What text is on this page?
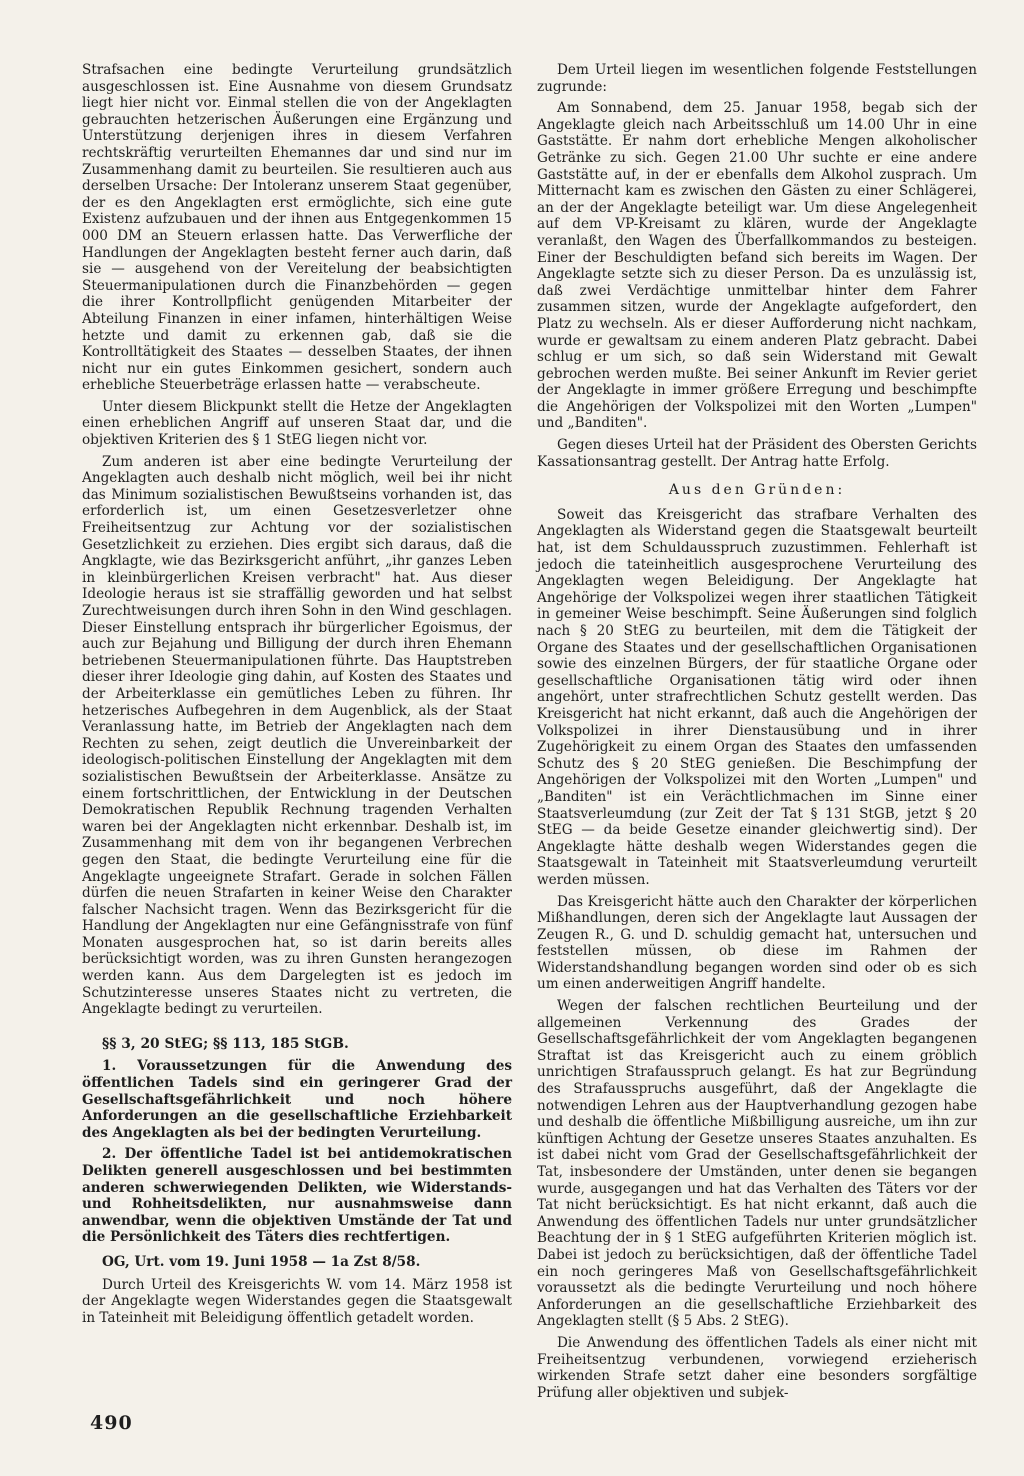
Strafsachen eine bedingte Verurteilung grundsätzlich ausgeschlossen ist. Eine Ausnahme von diesem Grundsatz liegt hier nicht vor. Einmal stellen die von der Angeklagten gebrauchten hetzerischen Äußerungen eine Ergänzung und Unterstützung derjenigen ihres in diesem Verfahren rechtskräftig verurteilten Ehemannes dar und sind nur im Zusammenhang damit zu beurteilen. Sie resultieren auch aus derselben Ursache: Der Intoleranz unserem Staat gegenüber, der es den Angeklagten erst ermöglichte, sich eine gute Existenz aufzubauen und der ihnen aus Entgegenkommen 15 000 DM an Steuern erlassen hatte. Das Verwerfliche der Handlungen der Angeklagten besteht ferner auch darin, daß sie — ausgehend von der Vereitelung der beabsichtigten Steuermanipulationen durch die Finanzbehörden — gegen die ihrer Kontrollpflicht genügenden Mitarbeiter der Abteilung Finanzen in einer infamen, hinterhältigen Weise hetzte und damit zu erkennen gab, daß sie die Kontrolltätigkeit des Staates — desselben Staates, der ihnen nicht nur ein gutes Einkommen gesichert, sondern auch erhebliche Steuerbeträge erlassen hatte — verabscheute.

Unter diesem Blickpunkt stellt die Hetze der Angeklagten einen erheblichen Angriff auf unseren Staat dar, und die objektiven Kriterien des § 1 StEG liegen nicht vor.

Zum anderen ist aber eine bedingte Verurteilung der Angeklagten auch deshalb nicht möglich, weil bei ihr nicht das Minimum sozialistischen Bewußtseins vorhanden ist, das erforderlich ist, um einen Gesetzesverletzer ohne Freiheitsentzug zur Achtung vor der sozialistischen Gesetzlichkeit zu erziehen. Dies ergibt sich daraus, daß die Angklagte, wie das Bezirksgericht anführt, „ihr ganzes Leben in kleinbürgerlichen Kreisen verbracht" hat. Aus dieser Ideologie heraus ist sie straffällig geworden und hat selbst Zurechtweisungen durch ihren Sohn in den Wind geschlagen. Dieser Einstellung entsprach ihr bürgerlicher Egoismus, der auch zur Bejahung und Billigung der durch ihren Ehemann betriebenen Steuermanipulationen führte. Das Hauptstreben dieser ihrer Ideologie ging dahin, auf Kosten des Staates und der Arbeiterklasse ein gemütliches Leben zu führen. Ihr hetzerisches Aufbegehren in dem Augenblick, als der Staat Veranlassung hatte, im Betrieb der Angeklagten nach dem Rechten zu sehen, zeigt deutlich die Unvereinbarkeit der ideologisch-politischen Einstellung der Angeklagten mit dem sozialistischen Bewußtsein der Arbeiterklasse. Ansätze zu einem fortschrittlichen, der Entwicklung in der Deutschen Demokratischen Republik Rechnung tragenden Verhalten waren bei der Angeklagten nicht erkennbar. Deshalb ist, im Zusammenhang mit dem von ihr begangenen Verbrechen gegen den Staat, die bedingte Verurteilung eine für die Angeklagte ungeeignete Strafart. Gerade in solchen Fällen dürfen die neuen Strafarten in keiner Weise den Charakter falscher Nachsicht tragen. Wenn das Bezirksgericht für die Handlung der Angeklagten nur eine Gefängnisstrafe von fünf Monaten ausgesprochen hat, so ist darin bereits alles berücksichtigt worden, was zu ihren Gunsten herangezogen werden kann. Aus dem Dargelegten ist es jedoch im Schutzinteresse unseres Staates nicht zu vertreten, die Angeklagte bedingt zu verurteilen.

§§ 3, 20 StEG; §§ 113, 185 StGB.
1. Voraussetzungen für die Anwendung des öffentlichen Tadels sind ein geringerer Grad der Gesellschaftsgefährlichkeit und noch höhere Anforderungen an die gesellschaftliche Erziehbarkeit des Angeklagten als bei der bedingten Verurteilung.
2. Der öffentliche Tadel ist bei antidemokratischen Delikten generell ausgeschlossen und bei bestimmten anderen schwerwiegenden Delikten, wie Widerstands- und Rohheitsdelikten, nur ausnahmsweise dann anwendbar, wenn die objektiven Umstände der Tat und die Persönlichkeit des Täters dies rechtfertigen.
OG, Urt. vom 19. Juni 1958 — 1a Zst 8/58.

Durch Urteil des Kreisgerichts W. vom 14. März 1958 ist der Angeklagte wegen Widerstandes gegen die Staatsgewalt in Tateinheit mit Beleidigung öffentlich getadelt worden.

Dem Urteil liegen im wesentlichen folgende Feststellungen zugrunde:

Am Sonnabend, dem 25. Januar 1958, begab sich der Angeklagte gleich nach Arbeitsschluß um 14.00 Uhr in eine Gaststätte. Er nahm dort erhebliche Mengen alkoholischer Getränke zu sich. Gegen 21.00 Uhr suchte er eine andere Gaststätte auf, in der er ebenfalls dem Alkohol zusprach. Um Mitternacht kam es zwischen den Gästen zu einer Schlägerei, an der der Angeklagte beteiligt war. Um diese Angelegenheit auf dem VP-Kreisamt zu klären, wurde der Angeklagte veranlaßt, den Wagen des Überfallkommandos zu besteigen. Einer der Beschuldigten befand sich bereits im Wagen. Der Angeklagte setzte sich zu dieser Person. Da es unzulässig ist, daß zwei Verdächtige unmittelbar hinter dem Fahrer zusammen sitzen, wurde der Angeklagte aufgefordert, den Platz zu wechseln. Als er dieser Aufforderung nicht nachkam, wurde er gewaltsam zu einem anderen Platz gebracht. Dabei schlug er um sich, so daß sein Widerstand mit Gewalt gebrochen werden mußte. Bei seiner Ankunft im Revier geriet der Angeklagte in immer größere Erregung und beschimpfte die Angehörigen der Volkspolizei mit den Worten „Lumpen" und „Banditen".

Gegen dieses Urteil hat der Präsident des Obersten Gerichts Kassationsantrag gestellt. Der Antrag hatte Erfolg.

Aus den Gründen:

Soweit das Kreisgericht das strafbare Verhalten des Angeklagten als Widerstand gegen die Staatsgewalt beurteilt hat, ist dem Schuldausspruch zuzustimmen. Fehlerhaft ist jedoch die tateinheitlich ausgesprochene Verurteilung des Angeklagten wegen Beleidigung. Der Angeklagte hat Angehörige der Volkspolizei wegen ihrer staatlichen Tätigkeit in gemeiner Weise beschimpft. Seine Äußerungen sind folglich nach § 20 StEG zu beurteilen, mit dem die Tätigkeit der Organe des Staates und der gesellschaftlichen Organisationen sowie des einzelnen Bürgers, der für staatliche Organe oder gesellschaftliche Organisationen tätig wird oder ihnen angehört, unter strafrechtlichen Schutz gestellt werden. Das Kreisgericht hat nicht erkannt, daß auch die Angehörigen der Volkspolizei in ihrer Dienstausübung und in ihrer Zugehörigkeit zu einem Organ des Staates den umfassenden Schutz des § 20 StEG genießen. Die Beschimpfung der Angehörigen der Volkspolizei mit den Worten „Lumpen" und „Banditen" ist ein Verächtlichmachen im Sinne einer Staatsverleumdung (zur Zeit der Tat § 131 StGB, jetzt § 20 StEG — da beide Gesetze einander gleichwertig sind). Der Angeklagte hätte deshalb wegen Widerstandes gegen die Staatsgewalt in Tateinheit mit Staatsverleumdung verurteilt werden müssen.

Das Kreisgericht hätte auch den Charakter der körperlichen Mißhandlungen, deren sich der Angeklagte laut Aussagen der Zeugen R., G. und D. schuldig gemacht hat, untersuchen und feststellen müssen, ob diese im Rahmen der Widerstandshandlung begangen worden sind oder ob es sich um einen anderweitigen Angriff handelte.

Wegen der falschen rechtlichen Beurteilung und der allgemeinen Verkennung des Grades der Gesellschaftsgefährlichkeit der vom Angeklagten begangenen Straftat ist das Kreisgericht auch zu einem gröblich unrichtigen Strafausspruch gelangt. Es hat zur Begründung des Strafausspruchs ausgeführt, daß der Angeklagte die notwendigen Lehren aus der Hauptverhandlung gezogen habe und deshalb die öffentliche Mißbilligung ausreiche, um ihn zur künftigen Achtung der Gesetze unseres Staates anzuhalten. Es ist dabei nicht vom Grad der Gesellschaftsgefährlichkeit der Tat, insbesondere der Umständen, unter denen sie begangen wurde, ausgegangen und hat das Verhalten des Täters vor der Tat nicht berücksichtigt. Es hat nicht erkannt, daß auch die Anwendung des öffentlichen Tadels nur unter grundsätzlicher Beachtung der in § 1 StEG aufgeführten Kriterien möglich ist. Dabei ist jedoch zu berücksichtigen, daß der öffentliche Tadel ein noch geringeres Maß von Gesellschaftsgefährlichkeit voraussetzt als die bedingte Verurteilung und noch höhere Anforderungen an die gesellschaftliche Erziehbarkeit des Angeklagten stellt (§ 5 Abs. 2 StEG).

Die Anwendung des öffentlichen Tadels als einer nicht mit Freiheitsentzug verbundenen, vorwiegend erzieherisch wirkenden Strafe setzt daher eine besonders sorgfältige Prüfung aller objektiven und subjek-

490
